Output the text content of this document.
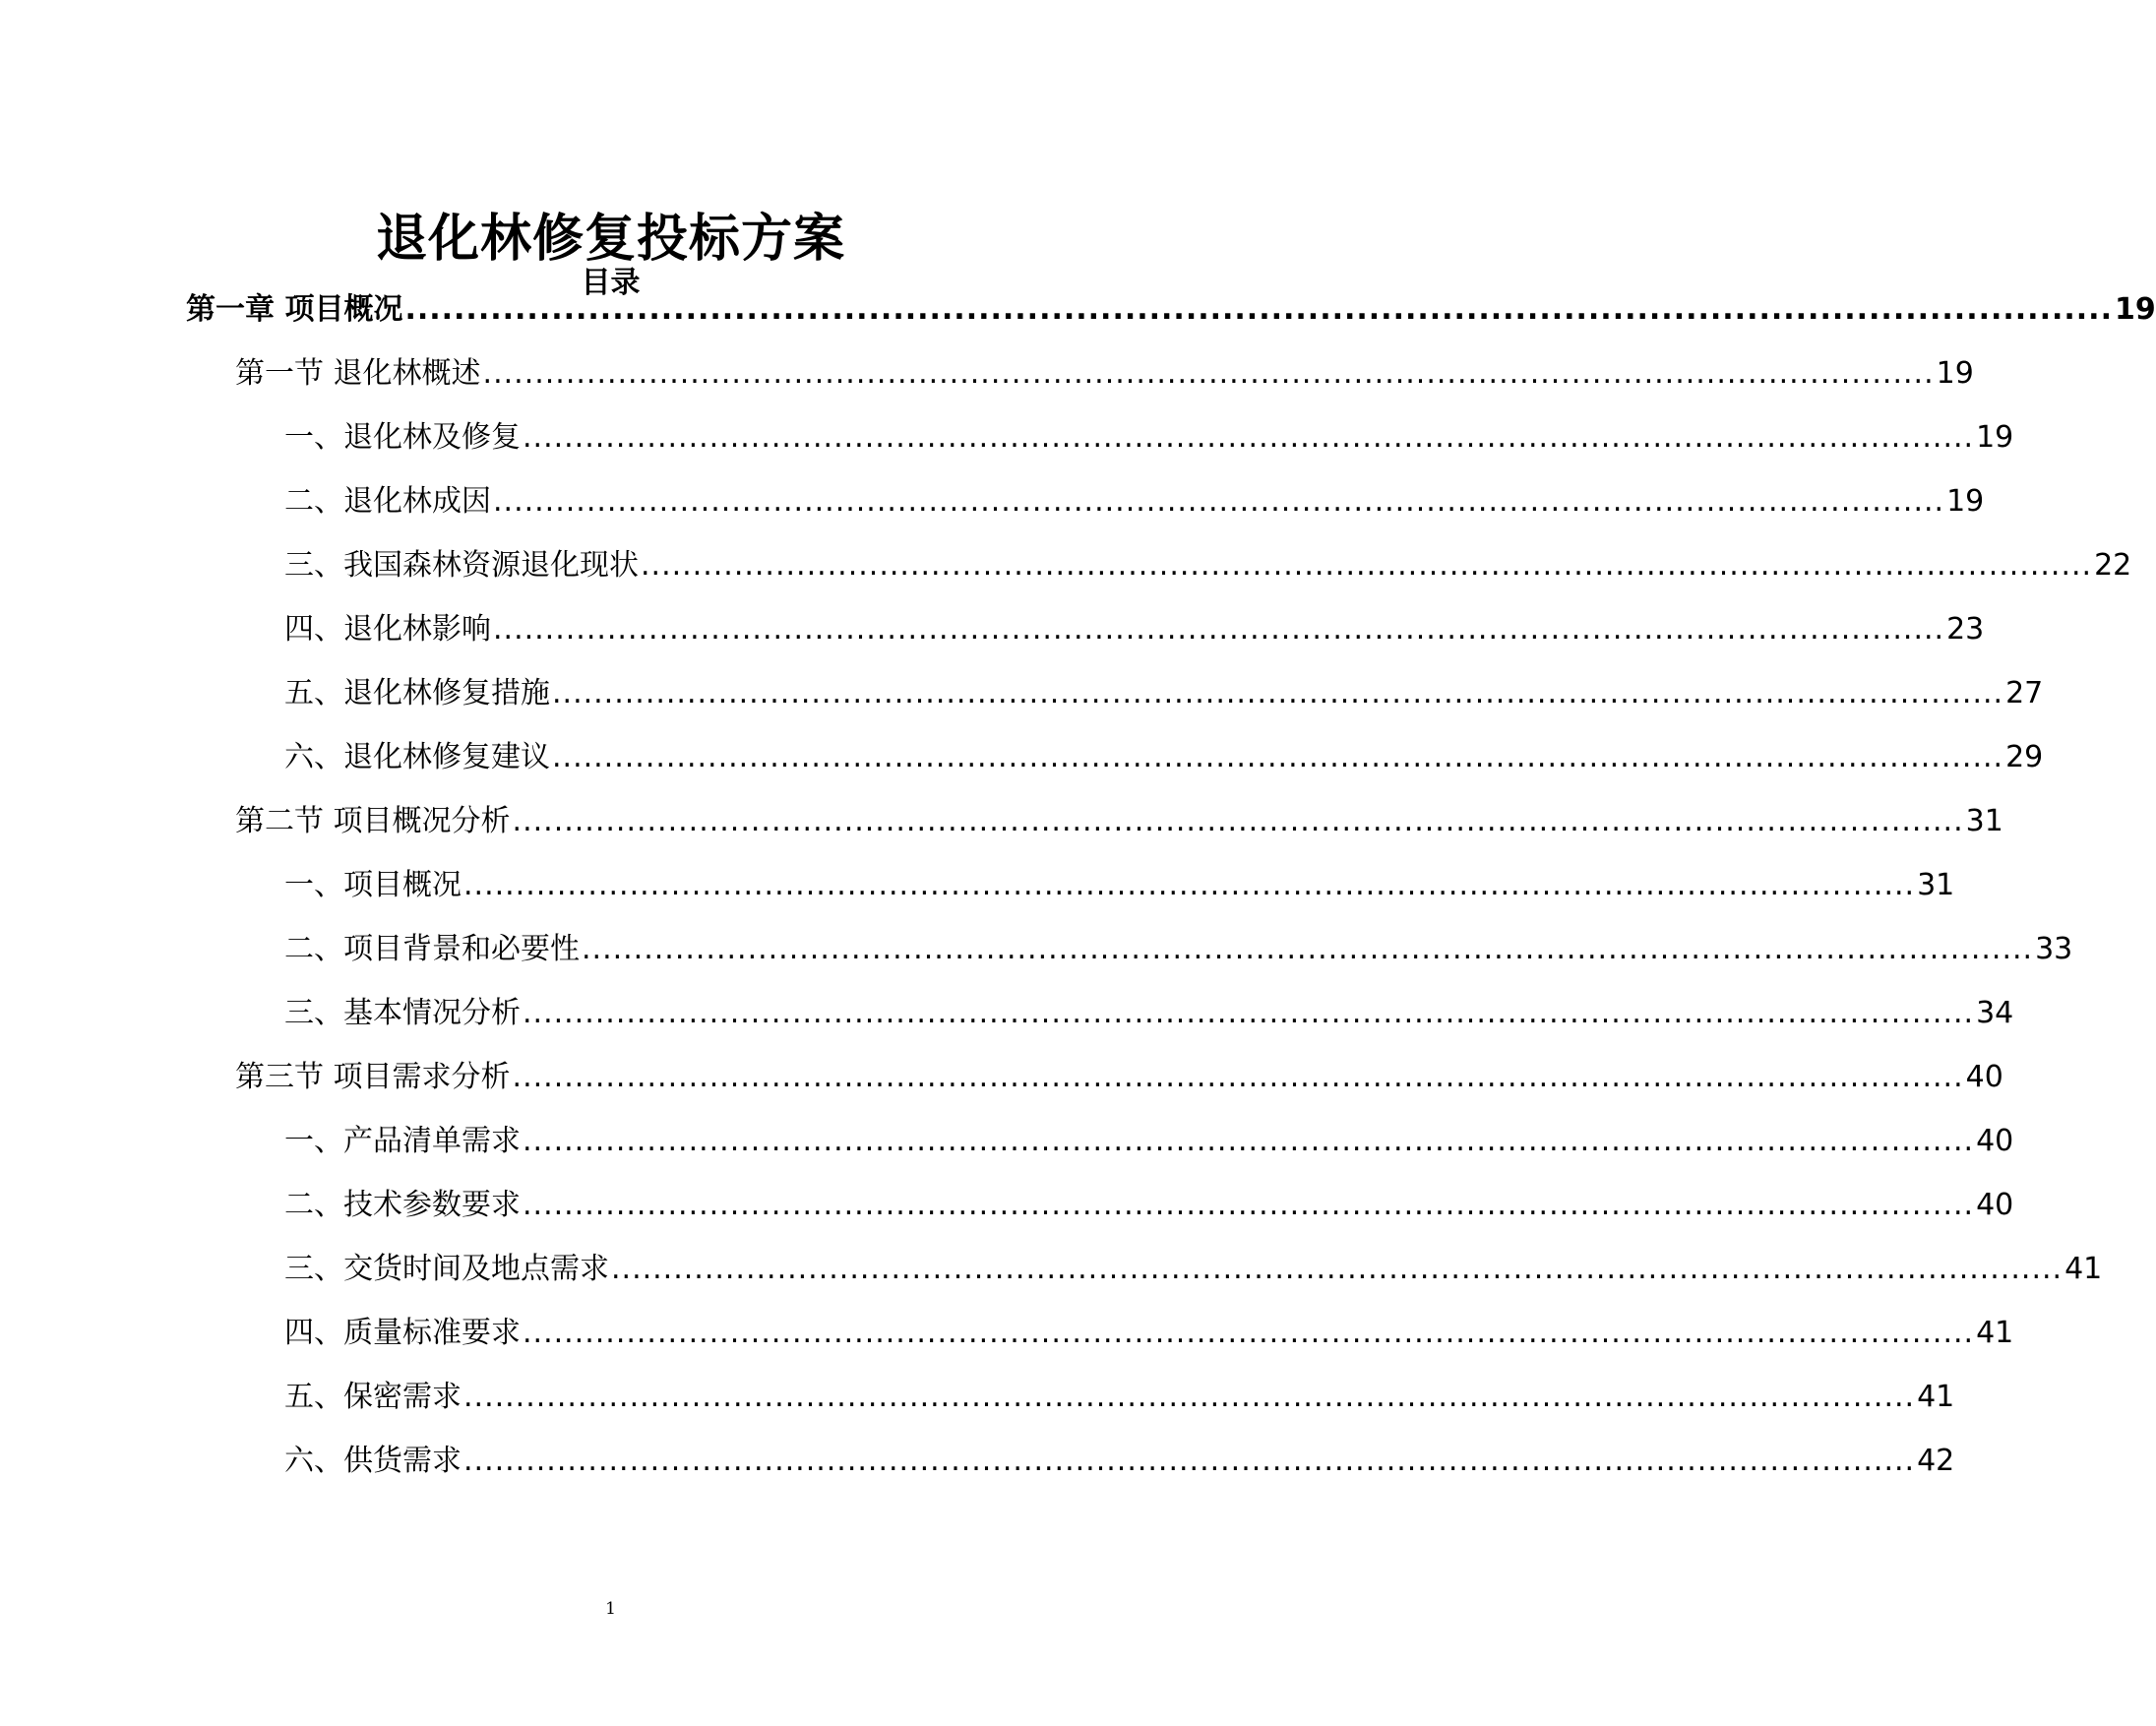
退化林修复投标方案
目录
第一章 项目概况 ............................................................................................................................................ 19
第一节 退化林概述 ............................................................................................................................................ 19
一、退化林及修复 ............................................................................................................................................ 19
二、退化林成因 ............................................................................................................................................ 19
三、我国森林资源退化现状 ............................................................................................................................................ 22
四、退化林影响 ............................................................................................................................................ 23
五、退化林修复措施 ............................................................................................................................................ 27
六、退化林修复建议 ............................................................................................................................................ 29
第二节 项目概况分析 ............................................................................................................................................ 31
一、项目概况 ............................................................................................................................................ 31
二、项目背景和必要性 ............................................................................................................................................ 33
三、基本情况分析 ............................................................................................................................................ 34
第三节 项目需求分析 ............................................................................................................................................ 40
一、产品清单需求 ............................................................................................................................................ 40
二、技术参数要求 ............................................................................................................................................ 40
三、交货时间及地点需求 ............................................................................................................................................ 41
四、质量标准要求 ............................................................................................................................................ 41
五、保密需求 ............................................................................................................................................ 41
六、供货需求 ............................................................................................................................................ 42
1
